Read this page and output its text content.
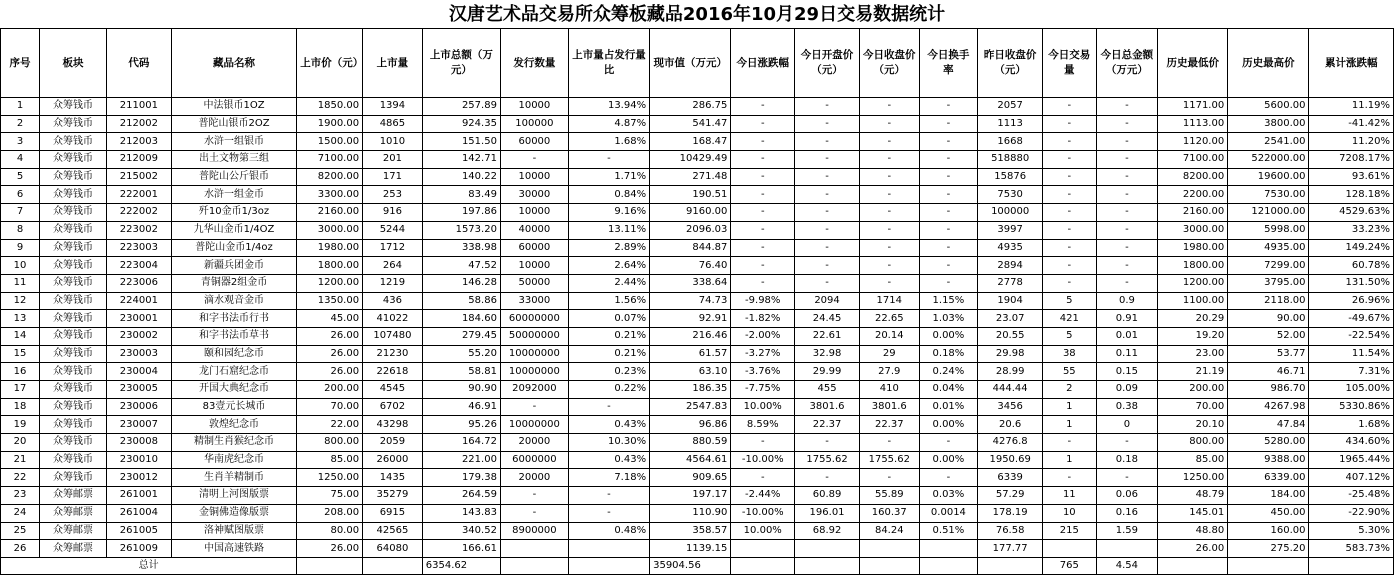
汉唐艺术品交易所众筹板藏品2016年10月29日交易数据统计
序号	板块	代码	藏品名称	上市价（元）	上市量	上市总额（万元）	发行数量	上市量占发行量比	现市值（万元）	今日涨跌幅	今日开盘价（元）	今日收盘价（元）	今日换手率	昨日收盘价（元）	今日交易量	今日总金额（万元）	历史最低价	历史最高价	累计涨跌幅
1	众筹钱币	211001	中法银币1OZ	1850.00	1394	257.89	10000	13.94%	286.75	-	-	-	-	2057	-	-	1171.00	5600.00	11.19%
2	众筹钱币	212002	普陀山银币2OZ	1900.00	4865	924.35	100000	4.87%	541.47	-	-	-	-	1113	-	-	1113.00	3800.00	-41.42%
3	众筹钱币	212003	水浒一组银币	1500.00	1010	151.50	60000	1.68%	168.47	-	-	-	-	1668	-	-	1120.00	2541.00	11.20%
4	众筹钱币	212009	出土文物第三组	7100.00	201	142.71	-	-	10429.49	-	-	-	-	518880	-	-	7100.00	522000.00	7208.17%
5	众筹钱币	215002	普陀山公斤银币	8200.00	171	140.22	10000	1.71%	271.48	-	-	-	-	15876	-	-	8200.00	19600.00	93.61%
6	众筹钱币	222001	水浒一组金币	3300.00	253	83.49	30000	0.84%	190.51	-	-	-	-	7530	-	-	2200.00	7530.00	128.18%
7	众筹钱币	222002	歼10金币1/3oz	2160.00	916	197.86	10000	9.16%	9160.00	-	-	-	-	100000	-	-	2160.00	121000.00	4529.63%
8	众筹钱币	223002	九华山金币1/4OZ	3000.00	5244	1573.20	40000	13.11%	2096.03	-	-	-	-	3997	-	-	3000.00	5998.00	33.23%
9	众筹钱币	223003	普陀山金币1/4oz	1980.00	1712	338.98	60000	2.89%	844.87	-	-	-	-	4935	-	-	1980.00	4935.00	149.24%
10	众筹钱币	223004	新疆兵团金币	1800.00	264	47.52	10000	2.64%	76.40	-	-	-	-	2894	-	-	1800.00	7299.00	60.78%
11	众筹钱币	223006	青铜器2组金币	1200.00	1219	146.28	50000	2.44%	338.64	-	-	-	-	2778	-	-	1200.00	3795.00	131.50%
12	众筹钱币	224001	滴水观音金币	1350.00	436	58.86	33000	1.56%	74.73	-9.98%	2094	1714	1.15%	1904	5	0.9	1100.00	2118.00	26.96%
13	众筹钱币	230001	和字书法币行书	45.00	41022	184.60	60000000	0.07%	92.91	-1.82%	24.45	22.65	1.03%	23.07	421	0.91	20.29	90.00	-49.67%
14	众筹钱币	230002	和字书法币草书	26.00	107480	279.45	50000000	0.21%	216.46	-2.00%	22.61	20.14	0.00%	20.55	5	0.01	19.20	52.00	-22.54%
15	众筹钱币	230003	颐和园纪念币	26.00	21230	55.20	10000000	0.21%	61.57	-3.27%	32.98	29	0.18%	29.98	38	0.11	23.00	53.77	11.54%
16	众筹钱币	230004	龙门石窟纪念币	26.00	22618	58.81	10000000	0.23%	63.10	-3.76%	29.99	27.9	0.24%	28.99	55	0.15	21.19	46.71	7.31%
17	众筹钱币	230005	开国大典纪念币	200.00	4545	90.90	2092000	0.22%	186.35	-7.75%	455	410	0.04%	444.44	2	0.09	200.00	986.70	105.00%
18	众筹钱币	230006	83壹元长城币	70.00	6702	46.91	-	-	2547.83	10.00%	3801.6	3801.6	0.01%	3456	1	0.38	70.00	4267.98	5330.86%
19	众筹钱币	230007	敦煌纪念币	22.00	43298	95.26	10000000	0.43%	96.86	8.59%	22.37	22.37	0.00%	20.6	1	0	20.10	47.84	1.68%
20	众筹钱币	230008	精制生肖猴纪念币	800.00	2059	164.72	20000	10.30%	880.59	-	-	-	-	4276.8	-	-	800.00	5280.00	434.60%
21	众筹钱币	230010	华南虎纪念币	85.00	26000	221.00	6000000	0.43%	4564.61	-10.00%	1755.62	1755.62	0.00%	1950.69	1	0.18	85.00	9388.00	1965.44%
22	众筹钱币	230012	生肖羊精制币	1250.00	1435	179.38	20000	7.18%	909.65	-	-	-	-	6339	-	-	1250.00	6339.00	407.12%
23	众筹邮票	261001	清明上河图版票	75.00	35279	264.59	-	-	197.17	-2.44%	60.89	55.89	0.03%	57.29	11	0.06	48.79	184.00	-25.48%
24	众筹邮票	261004	金铜佛造像版票	208.00	6915	143.83	-	-	110.90	-10.00%	196.01	160.37	0.0014	178.19	10	0.16	145.01	450.00	-22.90%
25	众筹邮票	261005	洛神赋图版票	80.00	42565	340.52	8900000	0.48%	358.57	10.00%	68.92	84.24	0.51%	76.58	215	1.59	48.80	160.00	5.30%
26	众筹邮票	261009	中国高速铁路	26.00	64080	166.61			1139.15					177.77			26.00	275.20	583.73%
总计						6354.62			35904.56						765	4.54			
